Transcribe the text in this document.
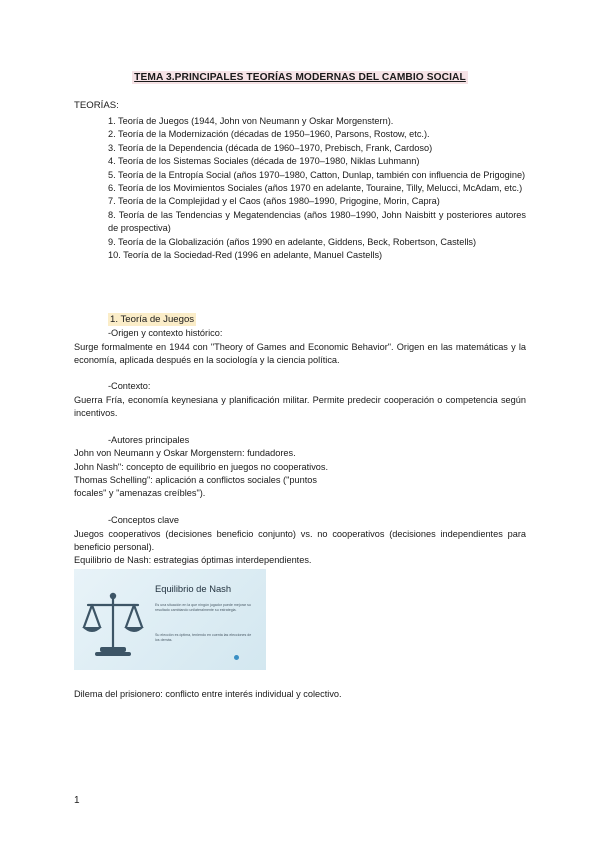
TEMA 3.PRINCIPALES TEORÍAS MODERNAS DEL CAMBIO SOCIAL
TEORÍAS:
1. Teoría de Juegos (1944, John von Neumann y Oskar Morgenstern).
2. Teoría de la Modernización (décadas de 1950–1960, Parsons, Rostow, etc.).
3. Teoría de la Dependencia (década de 1960–1970, Prebisch, Frank, Cardoso)
4. Teoría de los Sistemas Sociales (década de 1970–1980, Niklas Luhmann)
5. Teoría de la Entropía Social (años 1970–1980, Catton, Dunlap, también con influencia de Prigogine)
6. Teoría de los Movimientos Sociales (años 1970 en adelante, Touraine, Tilly, Melucci, McAdam, etc.)
7. Teoría de la Complejidad y el Caos (años 1980–1990, Prigogine, Morin, Capra)
8. Teoría de las Tendencias y Megatendencias (años 1980–1990, John Naisbitt y posteriores autores de prospectiva)
9. Teoría de la Globalización (años 1990 en adelante, Giddens, Beck, Robertson, Castells)
10. Teoría de la Sociedad-Red (1996 en adelante, Manuel Castells)
1. Teoría de Juegos
-Origen y contexto histórico:
Surge formalmente en 1944 con "Theory of Games and Economic Behavior". Origen en las matemáticas y la economía, aplicada después en la sociología y la ciencia política.
-Contexto:
Guerra Fría, economía keynesiana y planificación militar. Permite predecir cooperación o competencia según incentivos.
-Autores principales
John von Neumann y Oskar Morgenstern: fundadores.
John Nash": concepto de equilibrio en juegos no cooperativos.
Thomas Schelling": aplicación a conflictos sociales ("puntos
focales" y "amenazas creíbles").
-Conceptos clave
Juegos cooperativos (decisiones beneficio conjunto) vs. no cooperativos (decisiones independientes para beneficio personal).
Equilibrio de Nash: estrategias óptimas interdependientes.
Equilibrio de Nash
Es una situación en la que ningún jugador puede mejorar su resultado cambiando unilateralmente su estrategia.
Su elección es óptima, teniendo en cuenta las elecciones de los demás.
Dilema del prisionero: conflicto entre interés individual y colectivo.
1
